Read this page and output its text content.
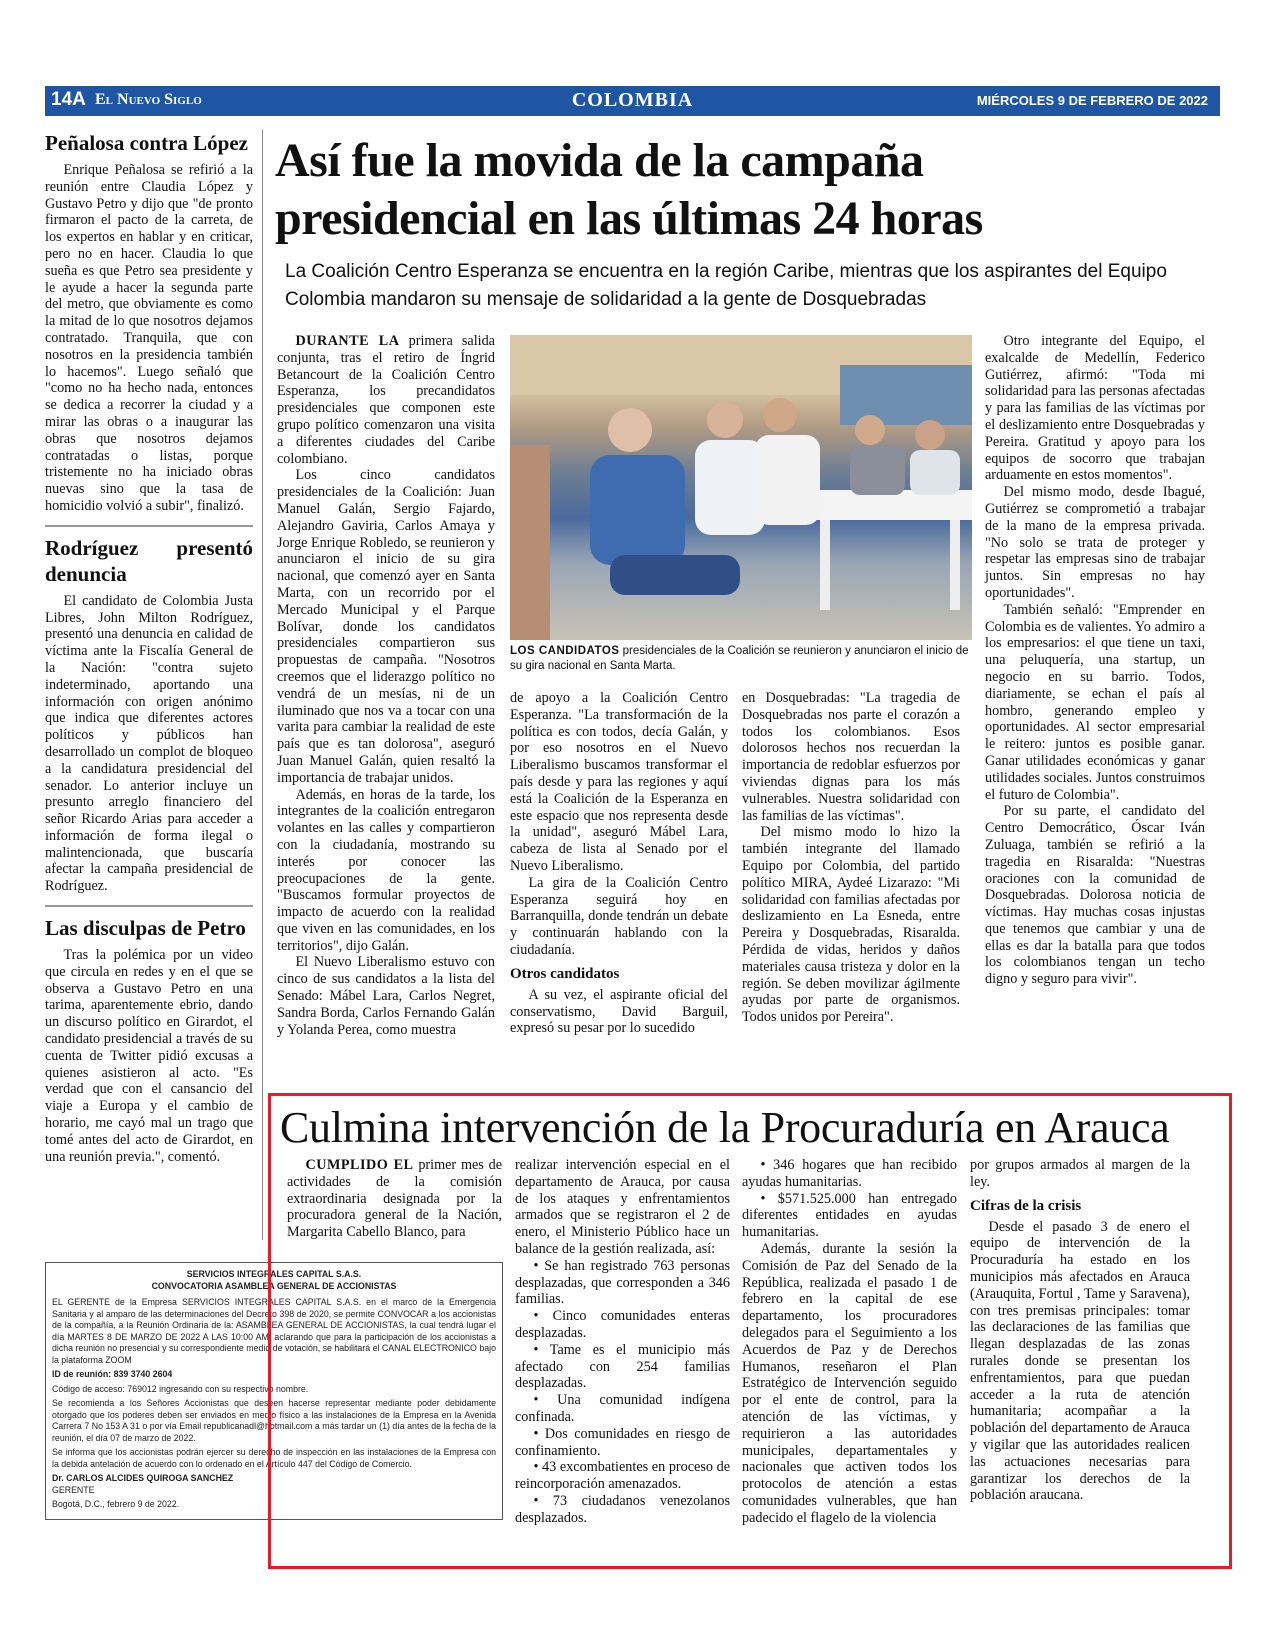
14A El Nuevo Siglo	COLOMBIA	MIÉRCOLES 9 DE FEBRERO DE 2022
Peñalosa contra López

Enrique Peñalosa se refirió a la reunión entre Claudia López y Gustavo Petro y dijo que "de pronto firmaron el pacto de la carreta, de los expertos en hablar y en criticar, pero no en hacer. Claudia lo que sueña es que Petro sea presidente y le ayude a hacer la segunda parte del metro, que obviamente es como la mitad de lo que nosotros dejamos contratado. Tranquila, que con nosotros en la presidencia también lo hacemos". Luego señaló que "como no ha hecho nada, entonces se dedica a recorrer la ciudad y a mirar las obras o a inaugurar las obras que nosotros dejamos contratadas o listas, porque tristemente no ha iniciado obras nuevas sino que la tasa de homicidio volvió a subir", finalizó.

Rodríguez presentó denuncia

El candidato de Colombia Justa Libres, John Milton Rodríguez, presentó una denuncia en calidad de víctima ante la Fiscalía General de la Nación: "contra sujeto indeterminado, aportando una información con origen anónimo que indica que diferentes actores políticos y públicos han desarrollado un complot de bloqueo a la candidatura presidencial del senador. Lo anterior incluye un presunto arreglo financiero del señor Ricardo Arias para acceder a información de forma ilegal o malintencionada, que buscaría afectar la campaña presidencial de Rodríguez.

Las disculpas de Petro

Tras la polémica por un video que circula en redes y en el que se observa a Gustavo Petro en una tarima, aparentemente ebrio, dando un discurso político en Girardot, el candidato presidencial a través de su cuenta de Twitter pidió excusas a quienes asistieron al acto. "Es verdad que con el cansancio del viaje a Europa y el cambio de horario, me cayó mal un trago que tomé antes del acto de Girardot, en una reunión previa.", comentó.

SERVICIOS INTEGRALES CAPITAL S.A.S.

CONVOCATORIA ASAMBLEA GENERAL DE ACCIONISTAS

EL GERENTE de la Empresa SERVICIOS INTEGRALES CAPITAL S.A.S. en el marco de la Emergencia Sanitaria y al amparo de las determinaciones del Decreto 398 de 2020, se permite CONVOCAR a los accionistas de la compañía, a la Reunión Ordinaria de la: ASAMBLEA GENERAL DE ACCIONISTAS, la cual tendrá lugar el día MARTES 8 DE MARZO DE 2022 A LAS 10:00 AM, aclarando que para la participación de los accionistas a dicha reunión no presencial y su correspondiente medio de votación, se habilitará el CANAL ELECTRONICO bajo la plataforma ZOOM

ID de reunión: 839 3740 2604

Código de acceso: 769012 ingresando con su respectivo nombre.

Se recomienda a los Señores Accionistas que deseen hacerse representar mediante poder debidamente otorgado que los poderes deben ser enviados en medio físico a las instalaciones de la Empresa en la Avenida Carrera 7 No 153 A 31 o por vía Email republicanadl@hotmail.com a más tardar un (1) día antes de la fecha de la reunión, el día 07 de marzo de 2022.

Se informa que los accionistas podrán ejercer su derecho de inspección en las instalaciones de la Empresa con la debida antelación de acuerdo con lo ordenado en el Artículo 447 del Código de Comercio.

Dr. CARLOS ALCIDES QUIROGA SANCHEZ

GERENTE

Bogotá, D.C., febrero 9 de 2022.

Así fue la movida de la campaña presidencial en las últimas 24 horas
La Coalición Centro Esperanza se encuentra en la región Caribe, mientras que los aspirantes del Equipo Colombia mandaron su mensaje de solidaridad a la gente de Dosquebradas

DURANTE LA primera salida conjunta, tras el retiro de Íngrid Betancourt de la Coalición Centro Esperanza, los precandidatos presidenciales que componen este grupo político comenzaron una visita a diferentes ciudades del Caribe colombiano.

Los cinco candidatos presidenciales de la Coalición: Juan Manuel Galán, Sergio Fajardo, Alejandro Gaviria, Carlos Amaya y Jorge Enrique Robledo, se reunieron y anunciaron el inicio de su gira nacional, que comenzó ayer en Santa Marta, con un recorrido por el Mercado Municipal y el Parque Bolívar, donde los candidatos presidenciales compartieron sus propuestas de campaña. "Nosotros creemos que el liderazgo político no vendrá de un mesías, ni de un iluminado que nos va a tocar con una varita para cambiar la realidad de este país que es tan dolorosa", aseguró Juan Manuel Galán, quien resaltó la importancia de trabajar unidos.

Además, en horas de la tarde, los integrantes de la coalición entregaron volantes en las calles y compartieron con la ciudadanía, mostrando su interés por conocer las preocupaciones de la gente. "Buscamos formular proyectos de impacto de acuerdo con la realidad que viven en las comunidades, en los territorios", dijo Galán.

El Nuevo Liberalismo estuvo con cinco de sus candidatos a la lista del Senado: Mábel Lara, Carlos Negret, Sandra Borda, Carlos Fernando Galán y Yolanda Perea, como muestra

LOS CANDIDATOS presidenciales de la Coalición se reunieron y anunciaron el inicio de su gira nacional en Santa Marta.

de apoyo a la Coalición Centro Esperanza. "La transformación de la política es con todos, decía Galán, y por eso nosotros en el Nuevo Liberalismo buscamos transformar el país desde y para las regiones y aquí está la Coalición de la Esperanza en este espacio que nos representa desde la unidad", aseguró Mábel Lara, cabeza de lista al Senado por el Nuevo Liberalismo.

La gira de la Coalición Centro Esperanza seguirá hoy en Barranquilla, donde tendrán un debate y continuarán hablando con la ciudadanía.

Otros candidatos

A su vez, el aspirante oficial del conservatismo, David Barguil, expresó su pesar por lo sucedido

en Dosquebradas: "La tragedia de Dosquebradas nos parte el corazón a todos los colombianos. Esos dolorosos hechos nos recuerdan la importancia de redoblar esfuerzos por viviendas dignas para los más vulnerables. Nuestra solidaridad con las familias de las víctimas".

Del mismo modo lo hizo la también integrante del llamado Equipo por Colombia, del partido político MIRA, Aydeé Lizarazo: "Mi solidaridad con familias afectadas por deslizamiento en La Esneda, entre Pereira y Dosquebradas, Risaralda. Pérdida de vidas, heridos y daños materiales causa tristeza y dolor en la región. Se deben movilizar ágilmente ayudas por parte de organismos. Todos unidos por Pereira".

Otro integrante del Equipo, el exalcalde de Medellín, Federico Gutiérrez, afirmó: "Toda mi solidaridad para las personas afectadas y para las familias de las víctimas por el deslizamiento entre Dosquebradas y Pereira. Gratitud y apoyo para los equipos de socorro que trabajan arduamente en estos momentos".

Del mismo modo, desde Ibagué, Gutiérrez se comprometió a trabajar de la mano de la empresa privada. "No solo se trata de proteger y respetar las empresas sino de trabajar juntos. Sin empresas no hay oportunidades".

También señaló: "Emprender en Colombia es de valientes. Yo admiro a los empresarios: el que tiene un taxi, una peluquería, una startup, un negocio en su barrio. Todos, diariamente, se echan el país al hombro, generando empleo y oportunidades. Al sector empresarial le reitero: juntos es posible ganar. Ganar utilidades económicas y ganar utilidades sociales. Juntos construimos el futuro de Colombia".

Por su parte, el candidato del Centro Democrático, Óscar Iván Zuluaga, también se refirió a la tragedia en Risaralda: "Nuestras oraciones con la comunidad de Dosquebradas. Dolorosa noticia de víctimas. Hay muchas cosas injustas que tenemos que cambiar y una de ellas es dar la batalla para que todos los colombianos tengan un techo digno y seguro para vivir".

Culmina intervención de la Procuraduría en Arauca

CUMPLIDO EL primer mes de actividades de la comisión extraordinaria designada por la procuradora general de la Nación, Margarita Cabello Blanco, para

realizar intervención especial en el departamento de Arauca, por causa de los ataques y enfrentamientos armados que se registraron el 2 de enero, el Ministerio Público hace un balance de la gestión realizada, así:

• Se han registrado 763 personas desplazadas, que corresponden a 346 familias.

• Cinco comunidades enteras desplazadas.

• Tame es el municipio más afectado con 254 familias desplazadas.

• Una comunidad indígena confinada.

• Dos comunidades en riesgo de confinamiento.

• 43 excombatientes en proceso de reincorporación amenazados.

• 73 ciudadanos venezolanos desplazados.

• 346 hogares que han recibido ayudas humanitarias.

• $571.525.000 han entregado diferentes entidades en ayudas humanitarias.

Además, durante la sesión la Comisión de Paz del Senado de la República, realizada el pasado 1 de febrero en la capital de ese departamento, los procuradores delegados para el Seguimiento a los Acuerdos de Paz y de Derechos Humanos, reseñaron el Plan Estratégico de Intervención seguido por el ente de control, para la atención de las víctimas, y requirieron a las autoridades municipales, departamentales y nacionales que activen todos los protocolos de atención a estas comunidades vulnerables, que han padecido el flagelo de la violencia

por grupos armados al margen de la ley.

Cifras de la crisis

Desde el pasado 3 de enero el equipo de intervención de la Procuraduría ha estado en los municipios más afectados en Arauca (Arauquita, Fortul , Tame y Saravena), con tres premisas principales: tomar las declaraciones de las familias que llegan desplazadas de las zonas rurales donde se presentan los enfrentamientos, para que puedan acceder a la ruta de atención humanitaria; acompañar a la población del departamento de Arauca y vigilar que las autoridades realicen las actuaciones necesarias para garantizar los derechos de la población araucana.
